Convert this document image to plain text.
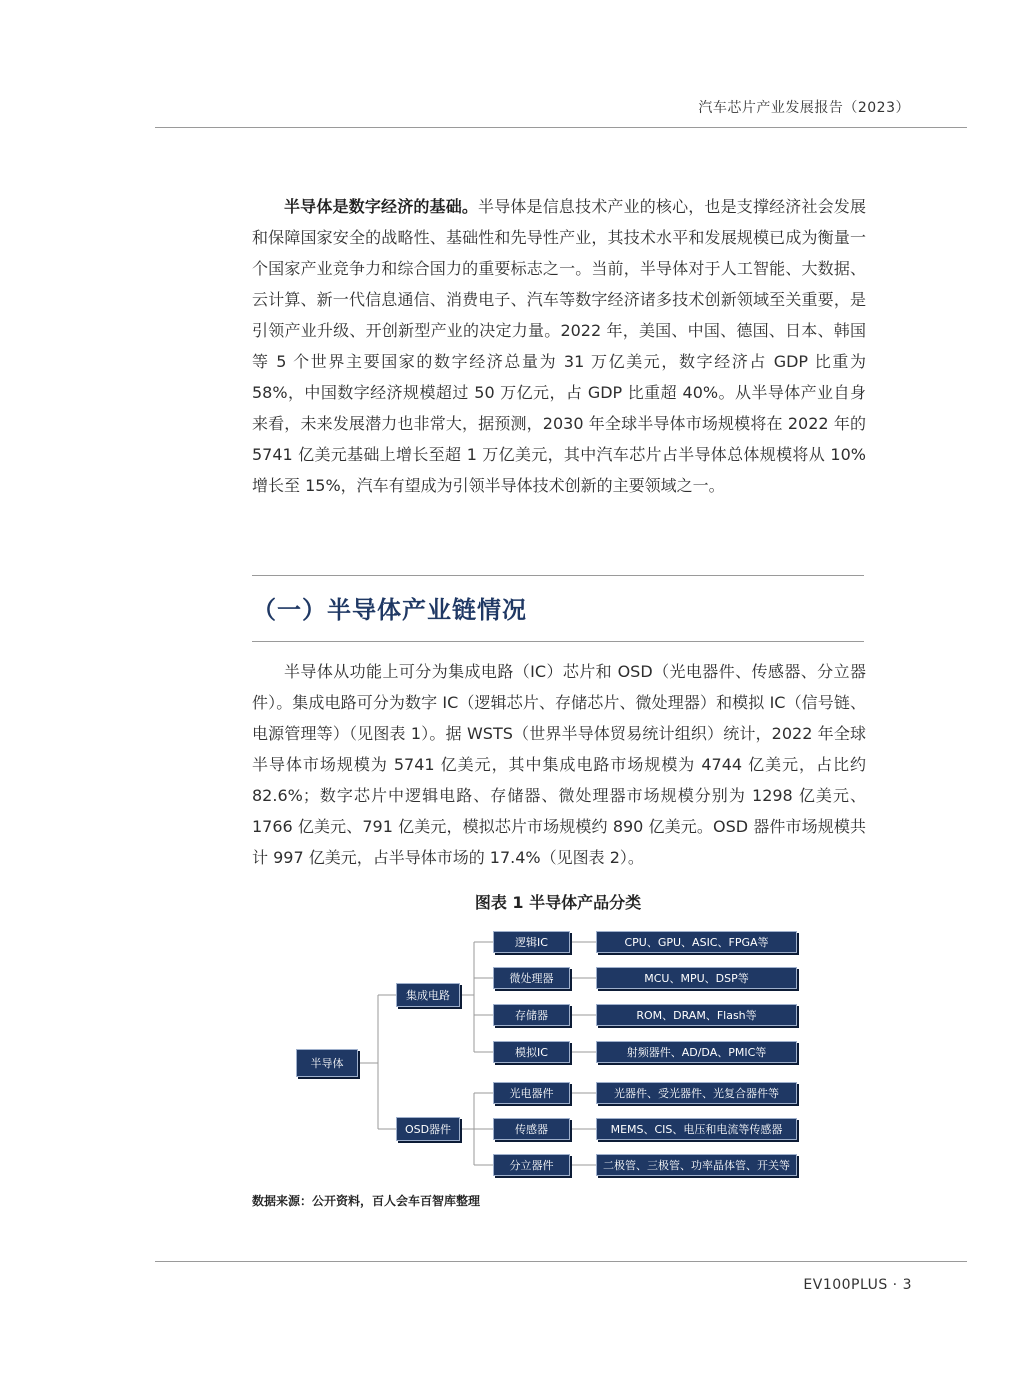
汽车芯片产业发展报告（2023）

半导体是数字经济的基础。半导体是信息技术产业的核心，也是支撑经济社会发展和保障国家安全的战略性、基础性和先导性产业，其技术水平和发展规模已成为衡量一个国家产业竞争力和综合国力的重要标志之一。当前，半导体对于人工智能、大数据、云计算、新一代信息通信、消费电子、汽车等数字经济诸多技术创新领域至关重要，是引领产业升级、开创新型产业的决定力量。2022 年，美国、中国、德国、日本、韩国等 5 个世界主要国家的数字经济总量为 31 万亿美元，数字经济占 GDP 比重为 58%，中国数字经济规模超过 50 万亿元，占 GDP 比重超 40%。从半导体产业自身来看，未来发展潜力也非常大，据预测，2030 年全球半导体市场规模将在 2022 年的 5741 亿美元基础上增长至超 1 万亿美元，其中汽车芯片占半导体总体规模将从 10%增长至 15%，汽车有望成为引领半导体技术创新的主要领域之一。

（一）半导体产业链情况

半导体从功能上可分为集成电路（IC）芯片和 OSD（光电器件、传感器、分立器件）。集成电路可分为数字 IC（逻辑芯片、存储芯片、微处理器）和模拟 IC（信号链、电源管理等）（见图表 1）。据 WSTS（世界半导体贸易统计组织）统计，2022 年全球半导体市场规模为 5741 亿美元，其中集成电路市场规模为 4744 亿美元，占比约 82.6%；数字芯片中逻辑电路、存储器、微处理器市场规模分别为 1298 亿美元、1766 亿美元、791 亿美元，模拟芯片市场规模约 890 亿美元。OSD 器件市场规模共计 997 亿美元，占半导体市场的 17.4%（见图表 2）。

图表 1 半导体产品分类
半导体
集成电路
OSD器件
逻辑IC
微处理器
存储器
模拟IC
光电器件
传感器
分立器件
CPU、GPU、ASIC、FPGA等
MCU、MPU、DSP等
ROM、DRAM、Flash等
射频器件、AD/DA、PMIC等
光器件、受光器件、光复合器件等
MEMS、CIS、电压和电流等传感器
二极管、三极管、功率晶体管、开关等
数据来源：公开资料，百人会车百智库整理
EV100PLUS · 3
